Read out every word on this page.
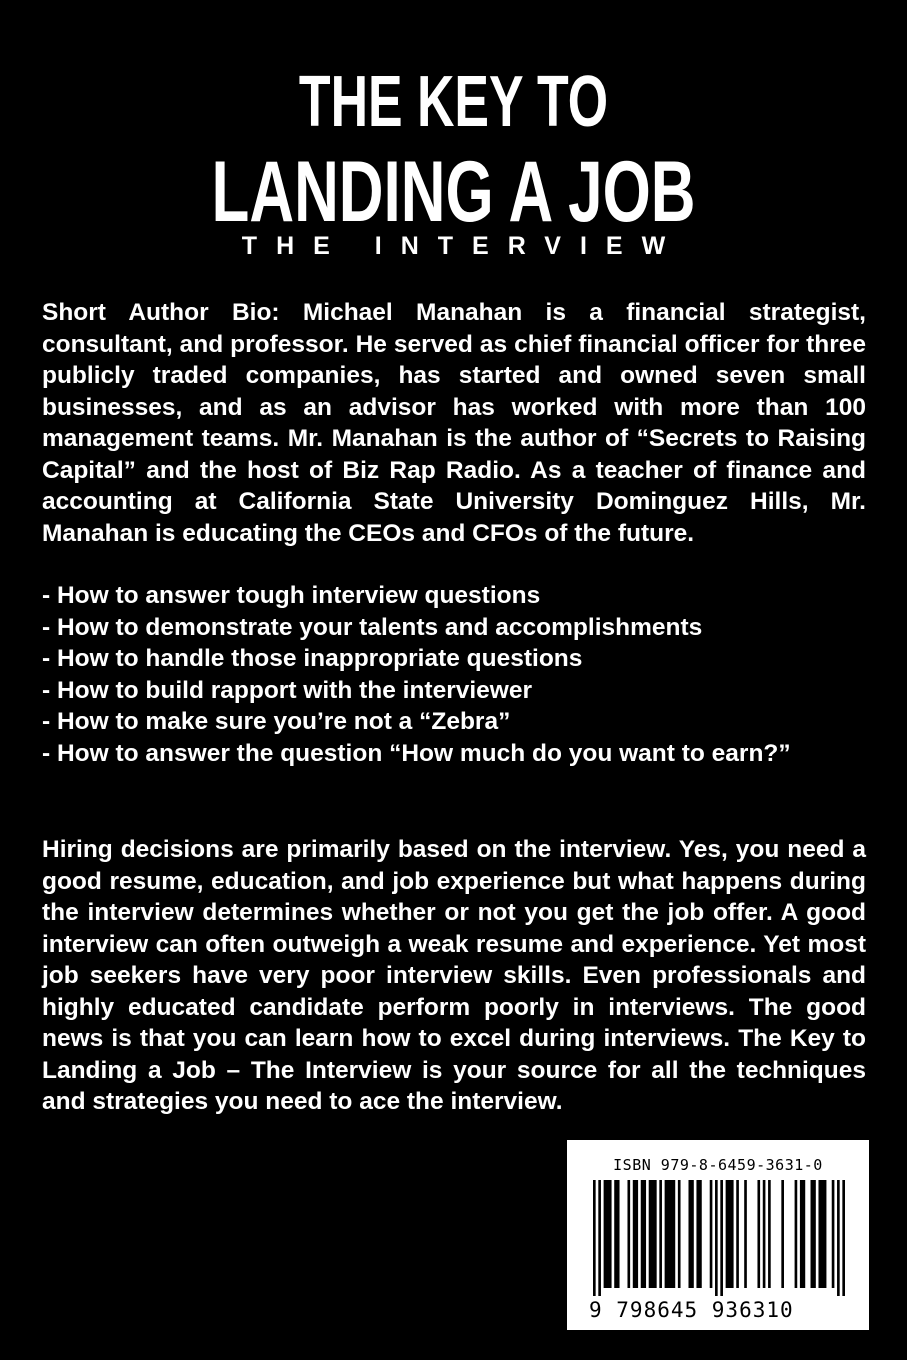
THE KEY TO
LANDING A JOB
THE INTERVIEW

Short Author Bio: Michael Manahan is a financial strategist, consultant, and professor. He served as chief financial officer for three publicly traded companies, has started and owned seven small businesses, and as an advisor has worked with more than 100 management teams. Mr. Manahan is the author of “Secrets to Raising Capital” and the host of Biz Rap Radio. As a teacher of finance and accounting at California State University Dominguez Hills, Mr. Manahan is educating the CEOs and CFOs of the future.

- How to answer tough interview questions
- How to demonstrate your talents and accomplishments
- How to handle those inappropriate questions
- How to build rapport with the interviewer
- How to make sure you’re not a “Zebra”
- How to answer the question “How much do you want to earn?”

Hiring decisions are primarily based on the interview. Yes, you need a good resume, education, and job experience but what happens during the interview determines whether or not you get the job offer. A good interview can often outweigh a weak resume and experience. Yet most job seekers have very poor interview skills. Even professionals and highly educated candidate perform poorly in interviews. The good news is that you can learn how to excel during interviews. The Key to Landing a Job – The Interview is your source for all the techniques and strategies you need to ace the interview.

ISBN 979-8-6459-3631-0
9 798645 936310
